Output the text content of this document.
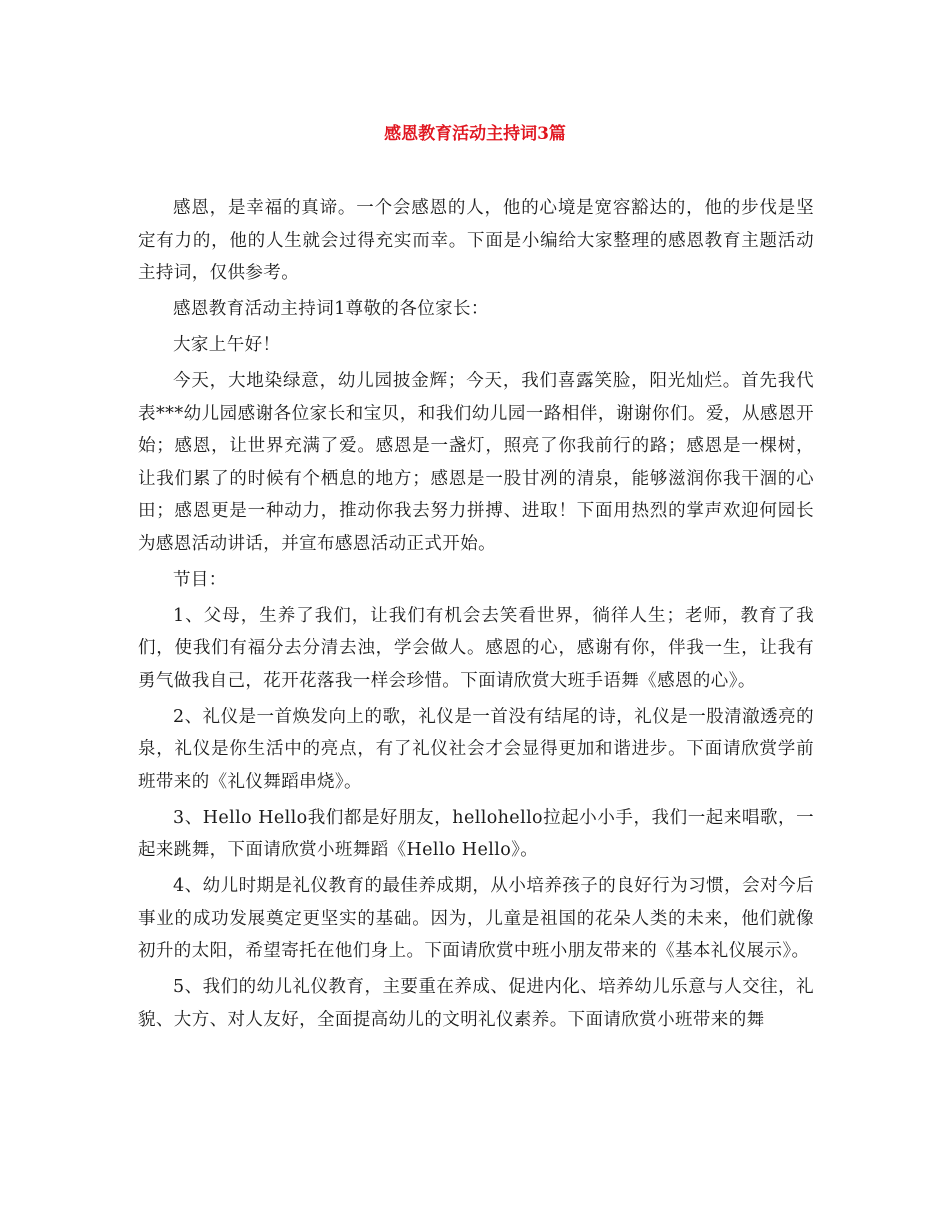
感恩教育活动主持词3篇

感恩，是幸福的真谛。一个会感恩的人，他的心境是宽容豁达的，他的步伐是坚定有力的，他的人生就会过得充实而幸。下面是小编给大家整理的感恩教育主题活动主持词，仅供参考。

感恩教育活动主持词1尊敬的各位家长：

大家上午好！

今天，大地染绿意，幼儿园披金辉；今天，我们喜露笑脸，阳光灿烂。首先我代表***幼儿园感谢各位家长和宝贝，和我们幼儿园一路相伴，谢谢你们。爱，从感恩开始；感恩，让世界充满了爱。感恩是一盏灯，照亮了你我前行的路；感恩是一棵树，让我们累了的时候有个栖息的地方；感恩是一股甘冽的清泉，能够滋润你我干涸的心田；感恩更是一种动力，推动你我去努力拼搏、进取！下面用热烈的掌声欢迎何园长为感恩活动讲话，并宣布感恩活动正式开始。

节目：

1、父母，生养了我们，让我们有机会去笑看世界，徜徉人生；老师，教育了我们，使我们有福分去分清去浊，学会做人。感恩的心，感谢有你，伴我一生，让我有勇气做我自己，花开花落我一样会珍惜。下面请欣赏大班手语舞《感恩的心》。

2、礼仪是一首焕发向上的歌，礼仪是一首没有结尾的诗，礼仪是一股清澈透亮的泉，礼仪是你生活中的亮点，有了礼仪社会才会显得更加和谐进步。下面请欣赏学前班带来的《礼仪舞蹈串烧》。

3、Hello Hello我们都是好朋友，hellohello拉起小小手，我们一起来唱歌，一起来跳舞，下面请欣赏小班舞蹈《Hello Hello》。

4、幼儿时期是礼仪教育的最佳养成期，从小培养孩子的良好行为习惯，会对今后事业的成功发展奠定更坚实的基础。因为，儿童是祖国的花朵人类的未来，他们就像初升的太阳，希望寄托在他们身上。下面请欣赏中班小朋友带来的《基本礼仪展示》。

5、我们的幼儿礼仪教育，主要重在养成、促进内化、培养幼儿乐意与人交往，礼貌、大方、对人友好，全面提高幼儿的文明礼仪素养。下面请欣赏小班带来的舞
